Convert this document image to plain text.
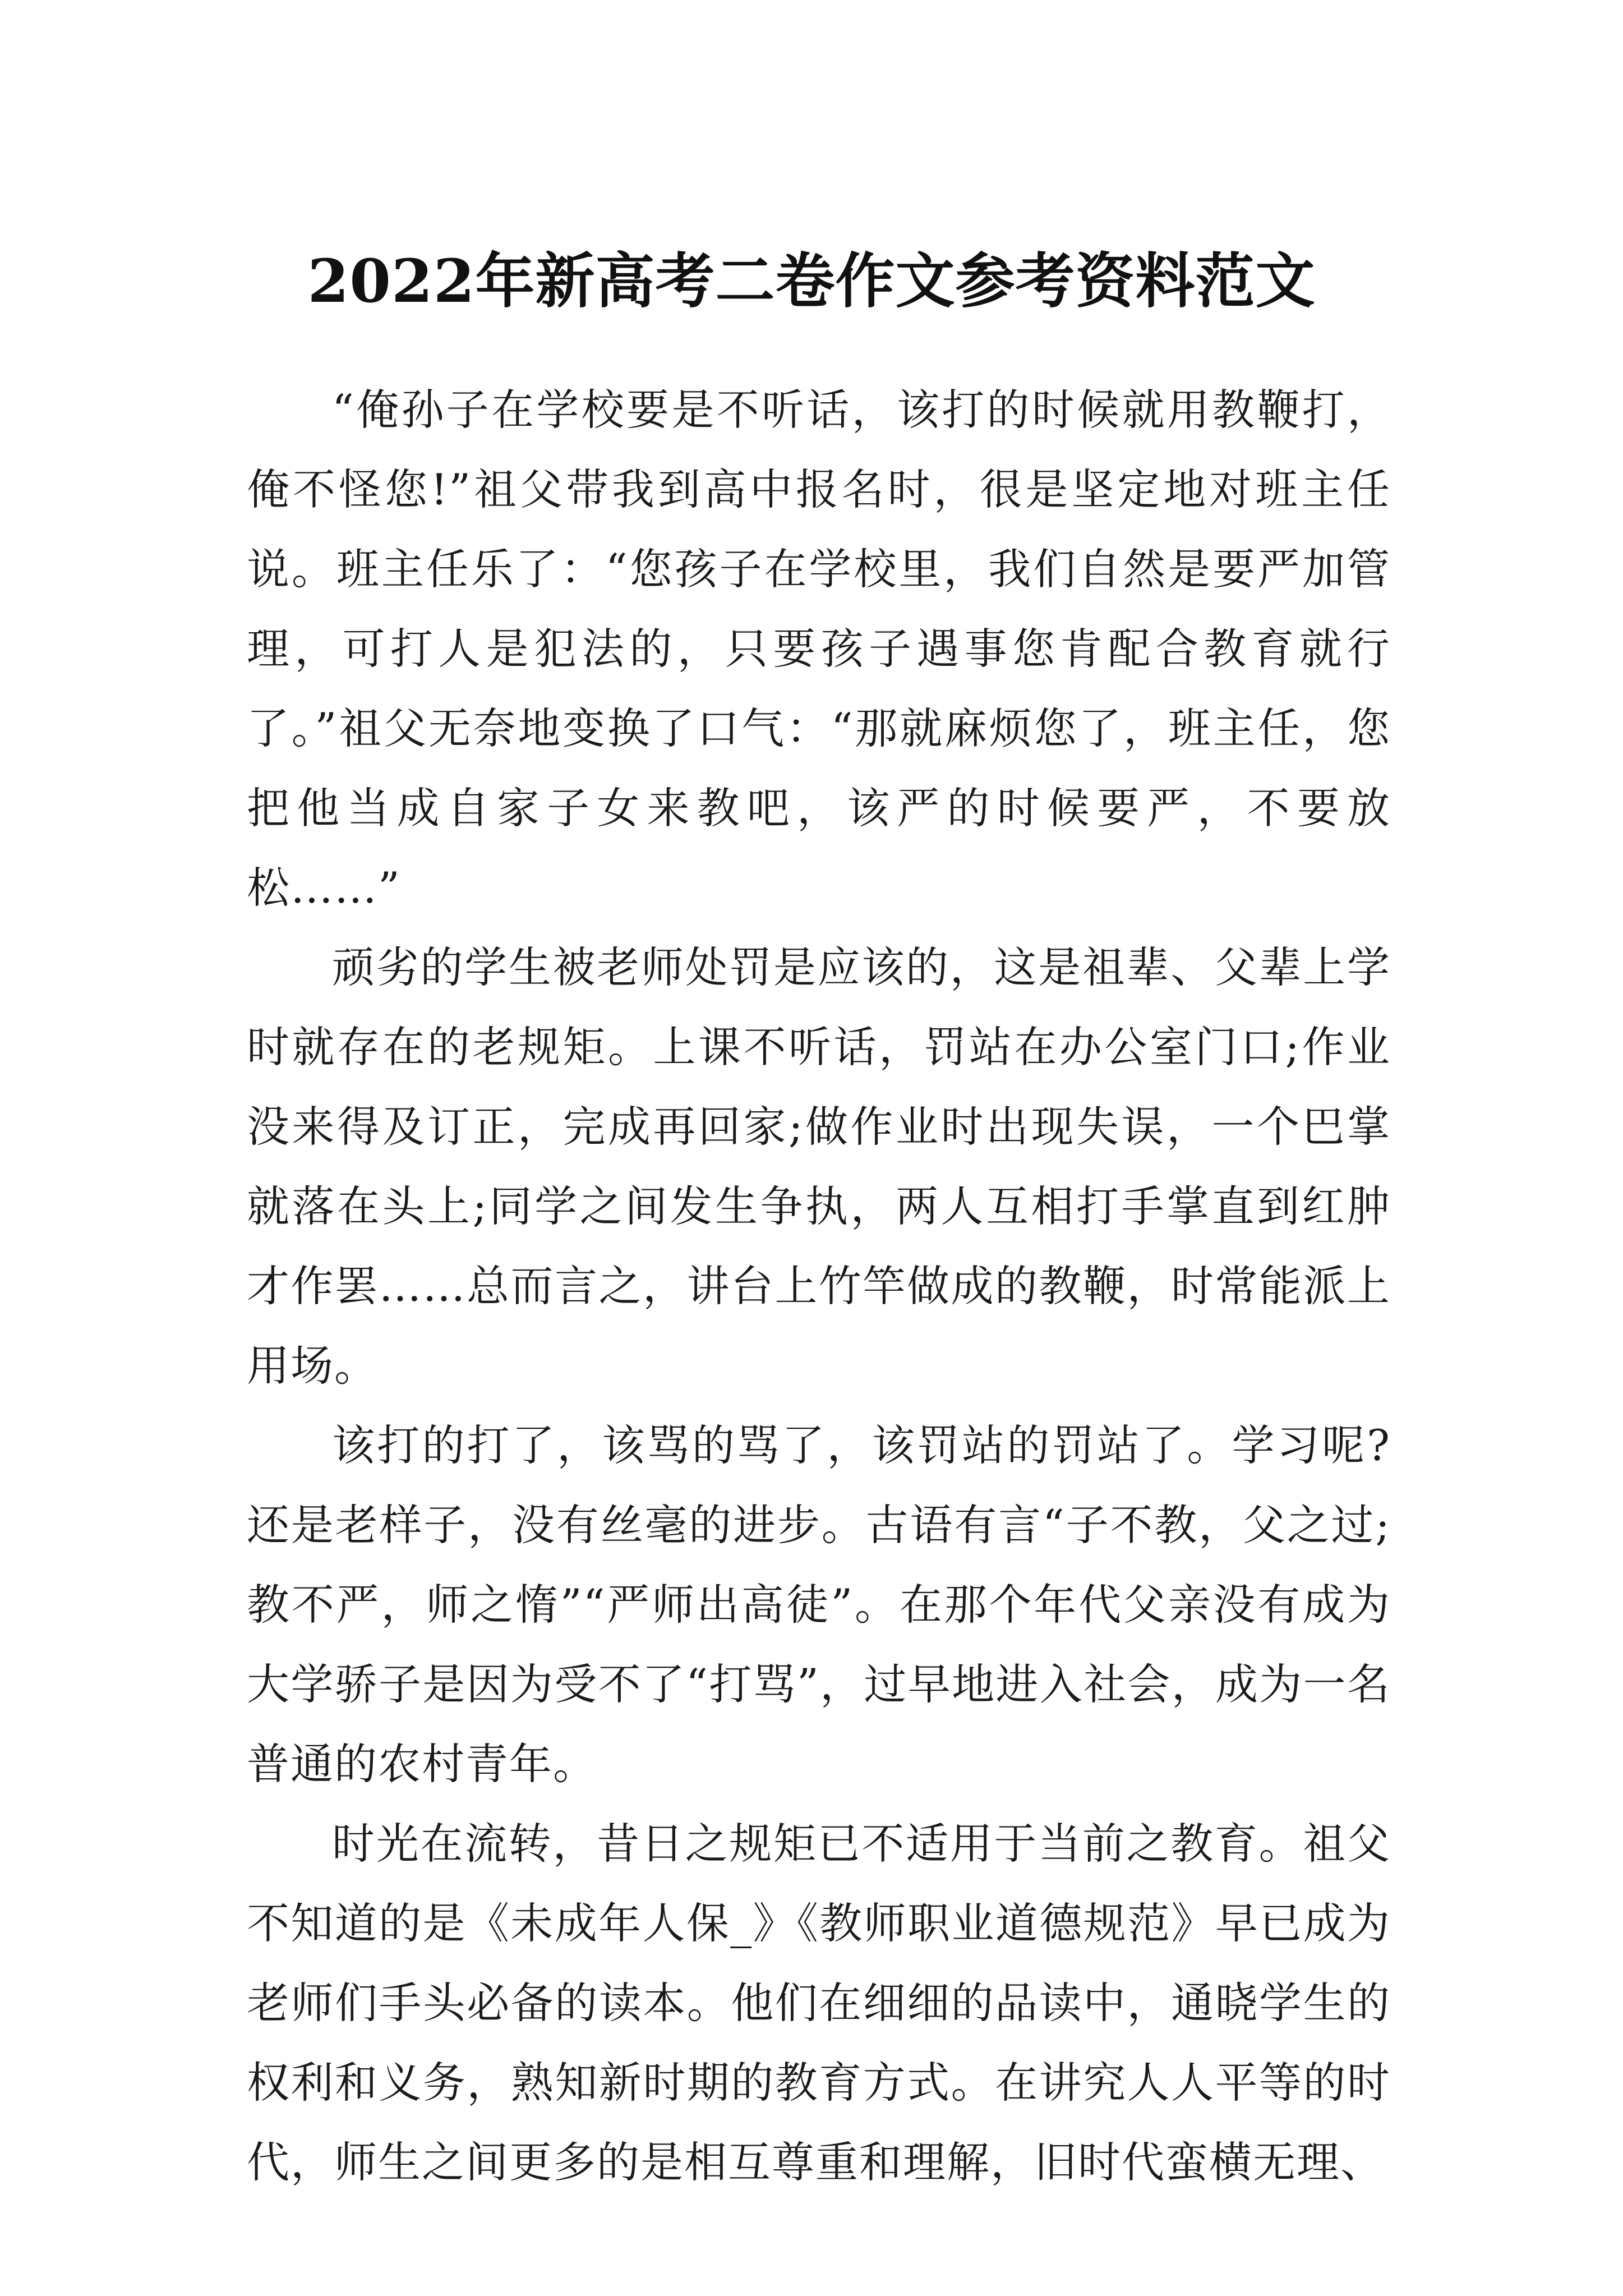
2022年新高考二卷作文参考资料范文

“俺孙子在学校要是不听话，该打的时候就用教鞭打，俺不怪您!”祖父带我到高中报名时，很是坚定地对班主任说。班主任乐了：“您孩子在学校里，我们自然是要严加管理，可打人是犯法的，只要孩子遇事您肯配合教育就行了。”祖父无奈地变换了口气：“那就麻烦您了，班主任，您把他当成自家子女来教吧，该严的时候要严，不要放松……”

顽劣的学生被老师处罚是应该的，这是祖辈、父辈上学时就存在的老规矩。上课不听话，罚站在办公室门口;作业没来得及订正，完成再回家;做作业时出现失误，一个巴掌就落在头上;同学之间发生争执，两人互相打手掌直到红肿才作罢……总而言之，讲台上竹竿做成的教鞭，时常能派上用场。

该打的打了，该骂的骂了，该罚站的罚站了。学习呢?还是老样子，没有丝毫的进步。古语有言“子不教，父之过;教不严，师之惰”“严师出高徒”。在那个年代父亲没有成为大学骄子是因为受不了“打骂”，过早地进入社会，成为一名普通的农村青年。

时光在流转，昔日之规矩已不适用于当前之教育。祖父不知道的是《未成年人保_》《教师职业道德规范》早已成为老师们手头必备的读本。他们在细细的品读中，通晓学生的权利和义务，熟知新时期的教育方式。在讲究人人平等的时代，师生之间更多的是相互尊重和理解，旧时代蛮横无理、
